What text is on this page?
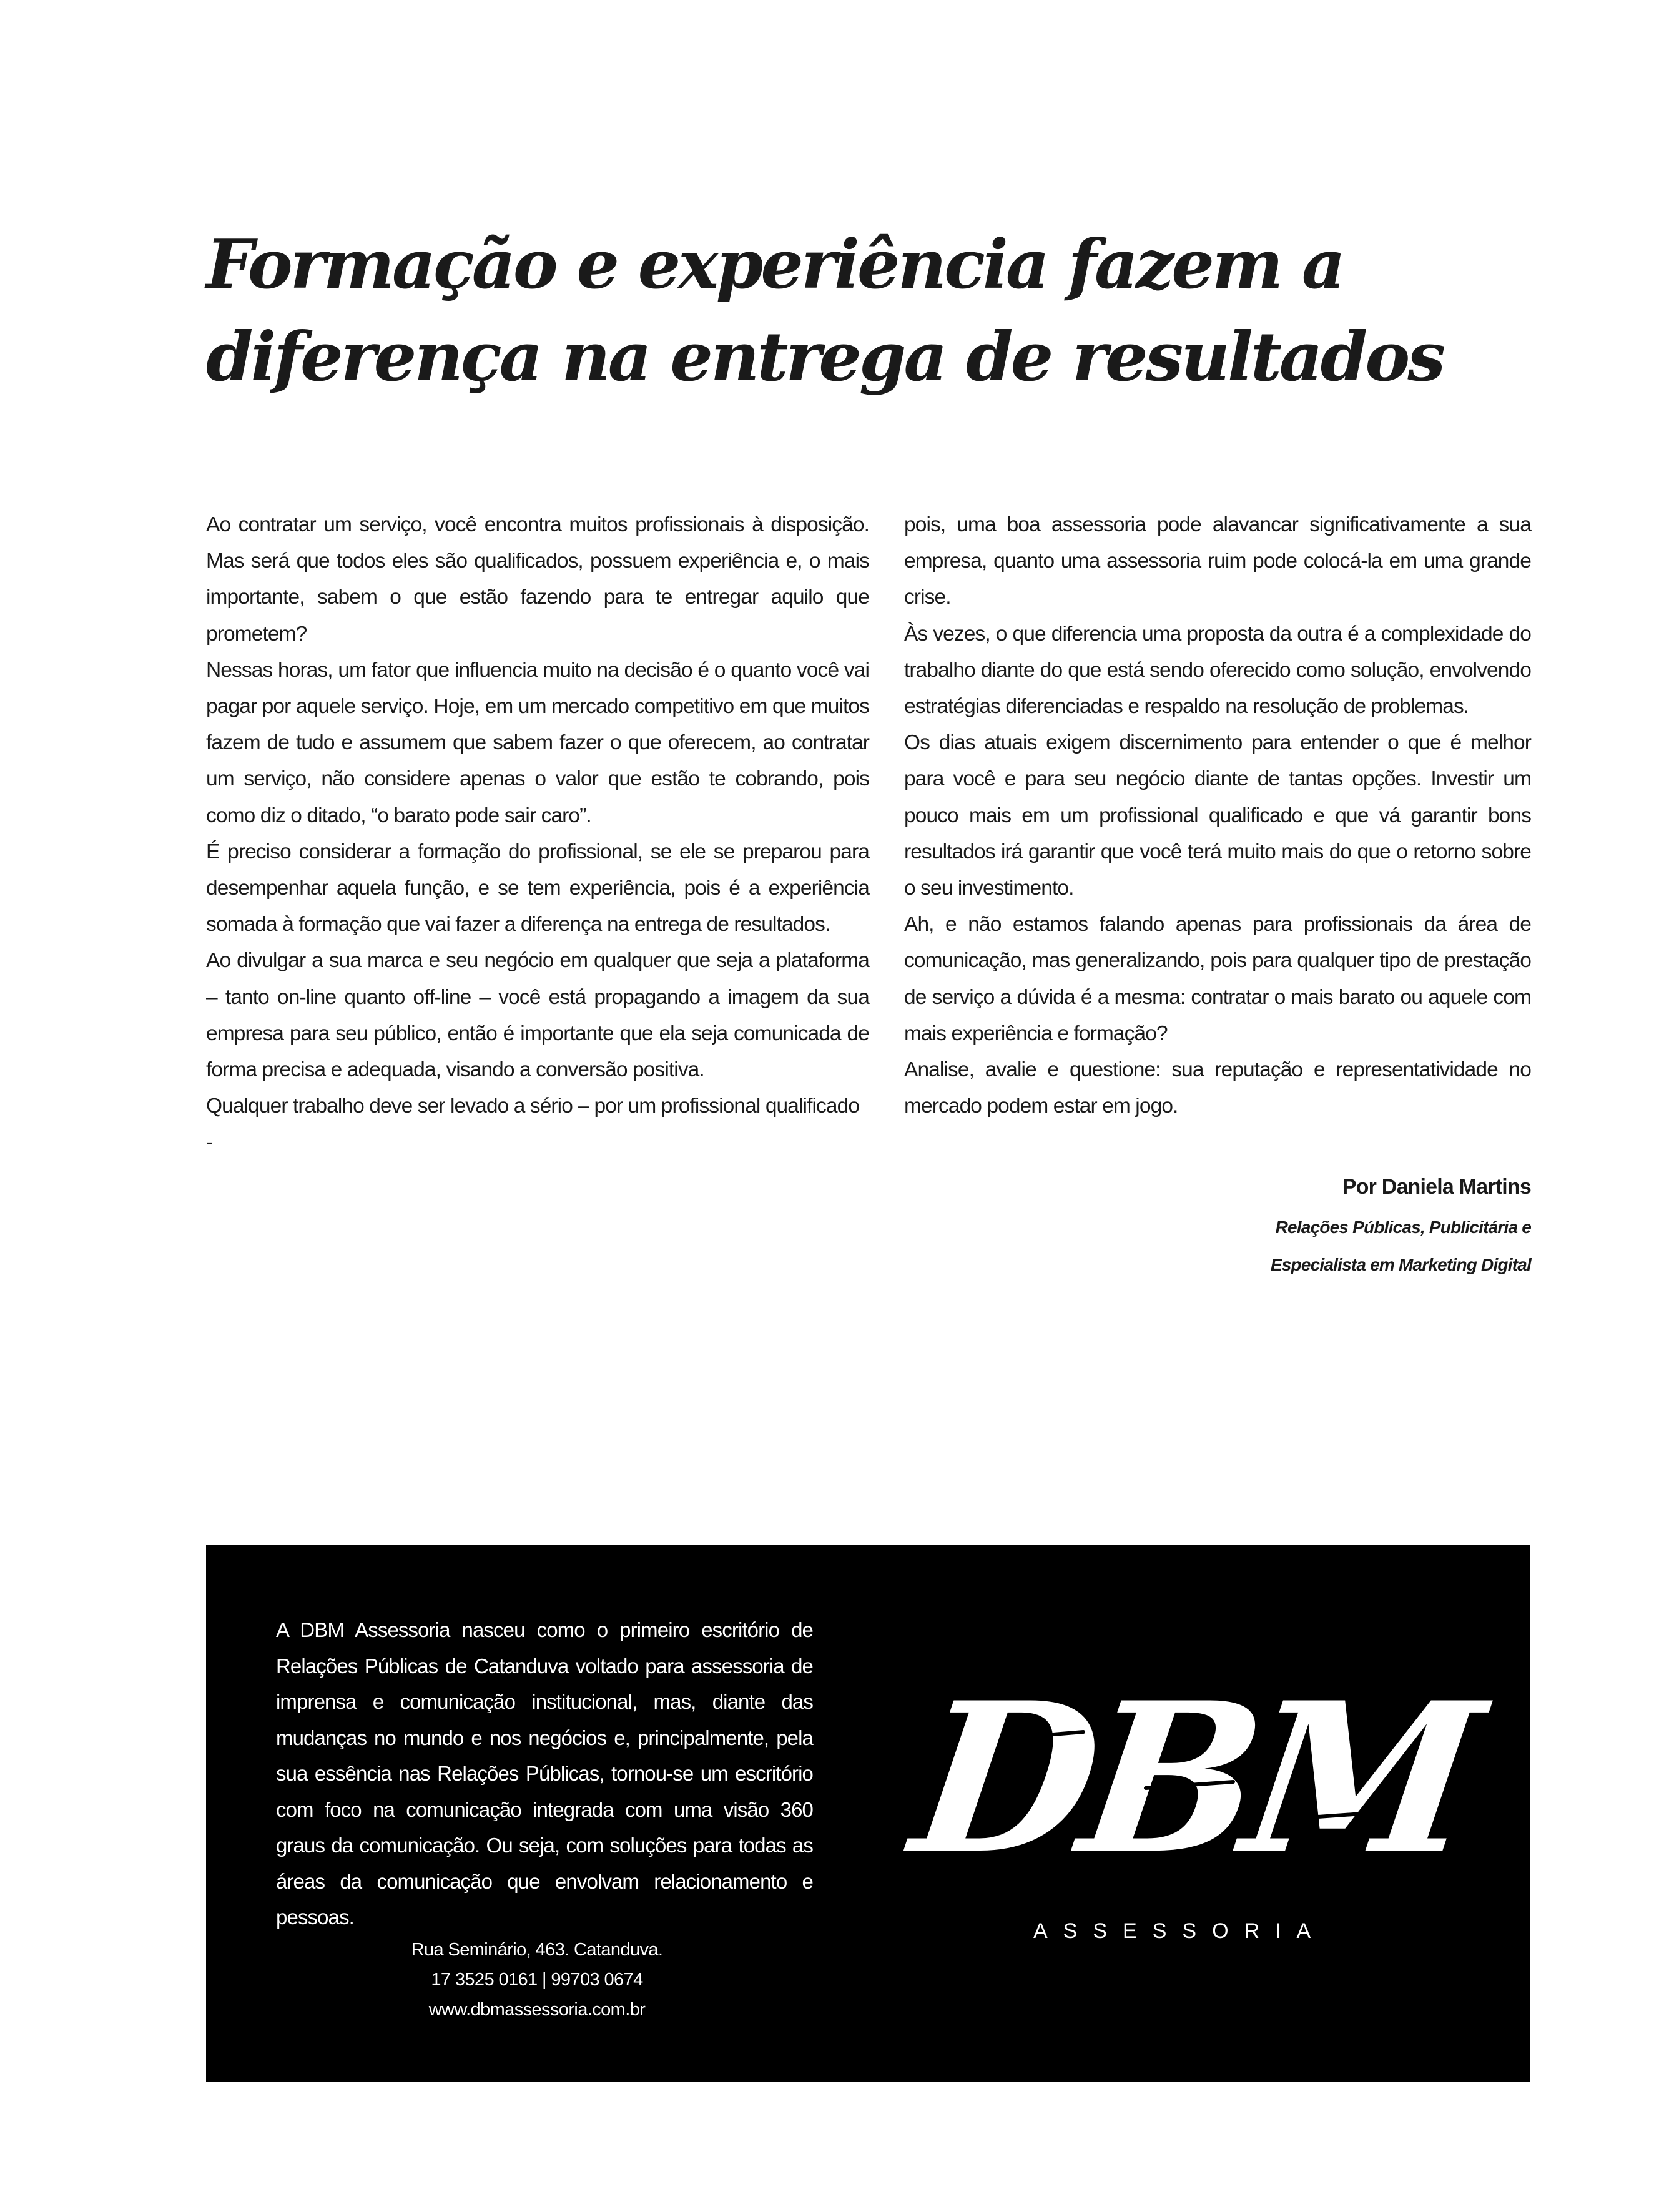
Formação e experiência fazem a
diferença na entrega de resultados

Ao contratar um serviço, você encontra muitos profissionais à disposição. Mas será que todos eles são qualificados, possuem experiência e, o mais importante, sabem o que estão fazendo para te entregar aquilo que prometem?

Nessas horas, um fator que influencia muito na decisão é o quanto você vai pagar por aquele serviço. Hoje, em um mercado competitivo em que muitos fazem de tudo e assumem que sabem fazer o que oferecem, ao contratar um serviço, não considere apenas o valor que estão te cobrando, pois como diz o ditado, “o barato pode sair caro”.

É preciso considerar a formação do profissional, se ele se preparou para desempenhar aquela função, e se tem experiência, pois é a experiência somada à formação que vai fazer a diferença na entrega de resultados.

Ao divulgar a sua marca e seu negócio em qualquer que seja a plataforma – tanto on-line quanto off-line – você está propagando a imagem da sua empresa para seu público, então é importante que ela seja comunicada de forma precisa e adequada, visando a conversão positiva.

Qualquer trabalho deve ser levado a sério – por um profissional qualificado -

pois, uma boa assessoria pode alavancar significativamente a sua empresa, quanto uma assessoria ruim pode colocá-la em uma grande crise.

Às vezes, o que diferencia uma proposta da outra é a complexidade do trabalho diante do que está sendo oferecido como solução, envolvendo estratégias diferenciadas e respaldo na resolução de problemas.

Os dias atuais exigem discernimento para entender o que é melhor para você e para seu negócio diante de tantas opções. Investir um pouco mais em um profissional qualificado e que vá garantir bons resultados irá garantir que você terá muito mais do que o retorno sobre o seu investimento.

Ah, e não estamos falando apenas para profissionais da área de comunicação, mas generalizando, pois para qualquer tipo de prestação de serviço a dúvida é a mesma: contratar o mais barato ou aquele com mais experiência e formação?

Analise, avalie e questione: sua reputação e representatividade no mercado podem estar em jogo.

Por Daniela Martins
Relações Públicas, Publicitária e
Especialista em Marketing Digital

A DBM Assessoria nasceu como o primeiro escritório de Relações Públicas de Catanduva voltado para assessoria de imprensa e comunicação institucional, mas, diante das mudanças no mundo e nos negócios e, principalmente, pela sua essência nas Relações Públicas, tornou-se um escritório com foco na comunicação integrada com uma visão 360 graus da comunicação. Ou seja, com soluções para todas as áreas da comunicação que envolvam relacionamento e pessoas.

Rua Seminário, 463. Catanduva.
17 3525 0161 | 99703 0674
www.dbmassessoria.com.br
DBM
ASSESSORIA
